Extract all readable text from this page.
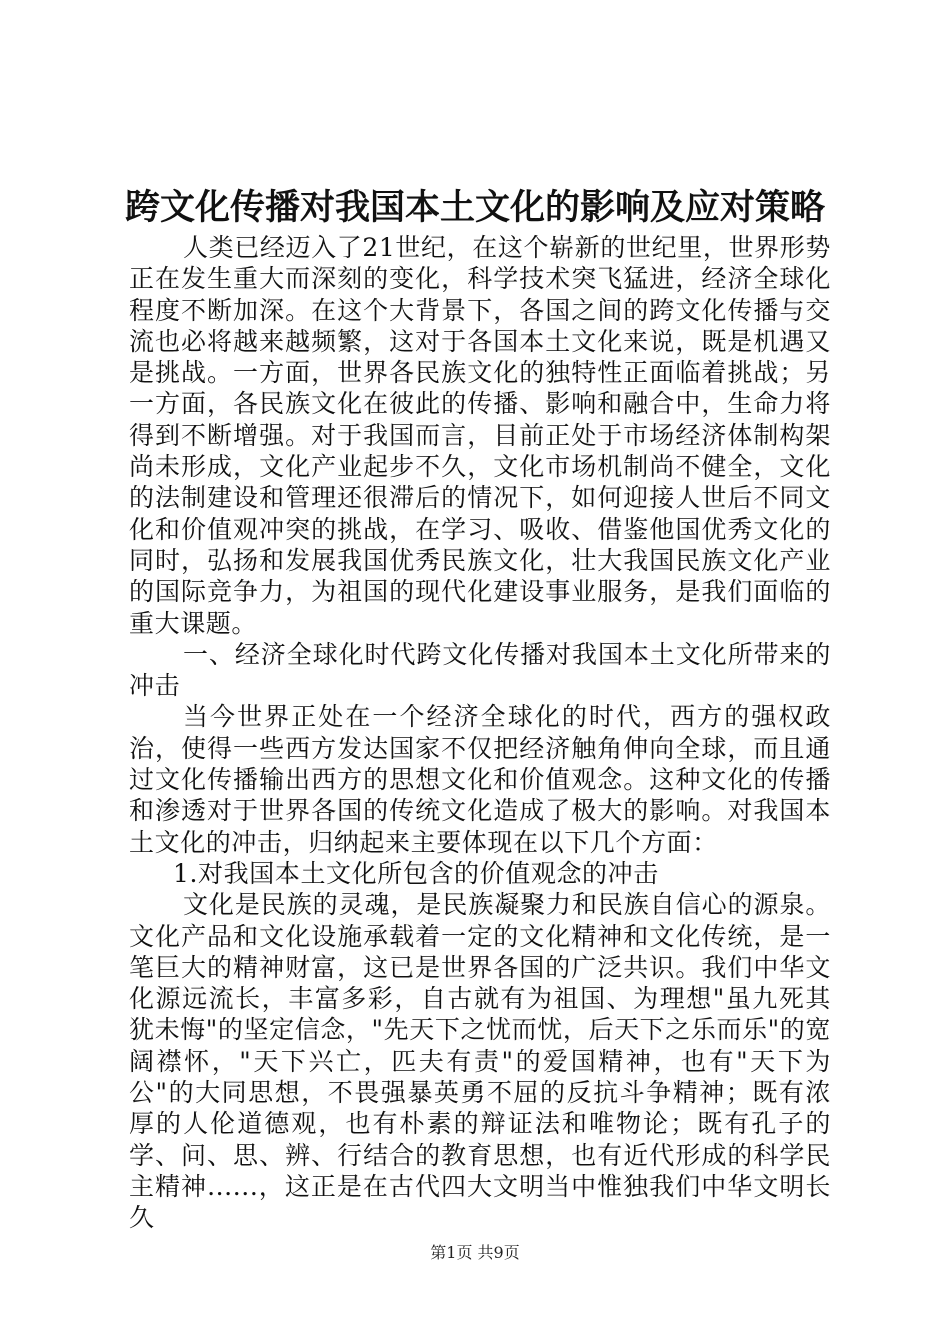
跨文化传播对我国本土文化的影响及应对策略

人类已经迈入了21世纪，在这个崭新的世纪里，世界形势正在发生重大而深刻的变化，科学技术突飞猛进，经济全球化程度不断加深。在这个大背景下，各国之间的跨文化传播与交流也必将越来越频繁，这对于各国本土文化来说，既是机遇又是挑战。一方面，世界各民族文化的独特性正面临着挑战；另一方面，各民族文化在彼此的传播、影响和融合中，生命力将得到不断增强。对于我国而言，目前正处于市场经济体制构架尚未形成，文化产业起步不久，文化市场机制尚不健全，文化的法制建设和管理还很滞后的情况下，如何迎接人世后不同文化和价值观冲突的挑战，在学习、吸收、借鉴他国优秀文化的同时，弘扬和发展我国优秀民族文化，壮大我国民族文化产业的国际竞争力，为祖国的现代化建设事业服务，是我们面临的重大课题。

一、经济全球化时代跨文化传播对我国本土文化所带来的冲击

当今世界正处在一个经济全球化的时代，西方的强权政治，使得一些西方发达国家不仅把经济触角伸向全球，而且通过文化传播输出西方的思想文化和价值观念。这种文化的传播和渗透对于世界各国的传统文化造成了极大的影响。对我国本土文化的冲击，归纳起来主要体现在以下几个方面：

1.对我国本土文化所包含的价值观念的冲击

文化是民族的灵魂，是民族凝聚力和民族自信心的源泉。文化产品和文化设施承载着一定的文化精神和文化传统，是一笔巨大的精神财富，这已是世界各国的广泛共识。我们中华文化源远流长，丰富多彩，自古就有为祖国、为理想"虽九死其犹未悔"的坚定信念，"先天下之忧而忧，后天下之乐而乐"的宽阔襟怀，"天下兴亡，匹夫有责"的爱国精神，也有"天下为公"的大同思想，不畏强暴英勇不屈的反抗斗争精神；既有浓厚的人伦道德观，也有朴素的辩证法和唯物论；既有孔子的学、问、思、辨、行结合的教育思想，也有近代形成的科学民主精神......，这正是在古代四大文明当中惟独我们中华文明长久

第1页 共9页
